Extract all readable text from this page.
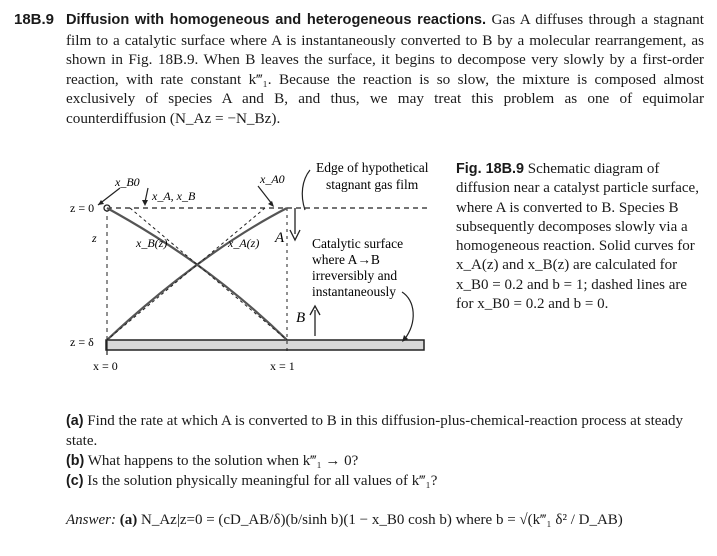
18B.9 Diffusion with homogeneous and heterogeneous reactions. Gas A diffuses through a stagnant film to a catalytic surface where A is instantaneously converted to B by a molecular rearrangement, as shown in Fig. 18B.9. When B leaves the surface, it begins to decompose very slowly by a first-order reaction, with rate constant k‴₁. Because the reaction is so slow, the mixture is composed almost exclusively of species A and B, and thus, we may treat this problem as one of equimolar counterdiffusion (N_Az = −N_Bz).
x_B0
x_A, x_B
x_A0
z = 0
z
z = δ
x_B(z)	x_A(z) A
B
x = 0	x = 1
Edge of hypothetical
stagnant gas film
Catalytic surface
where A→B
irreversibly and
instantaneously
Fig. 18B.9 Schematic diagram of diffusion near a catalyst particle surface, where A is converted to B. Species B subsequently decomposes slowly via a homogeneous reaction. Solid curves for x_A(z) and x_B(z) are calculated for x_B0 = 0.2 and b = 1; dashed lines are for x_B0 = 0.2 and b = 0.
(a) Find the rate at which A is converted to B in this diffusion-plus-chemical-reaction process at steady state.
(b) What happens to the solution when k‴₁ → 0?
(c) Is the solution physically meaningful for all values of k‴₁?
Answer: (a) N_Az|z=0 = (cD_AB/δ)(b/sinh b)(1 − x_B0 cosh b) where b = √(k‴₁ δ² / D_AB)
